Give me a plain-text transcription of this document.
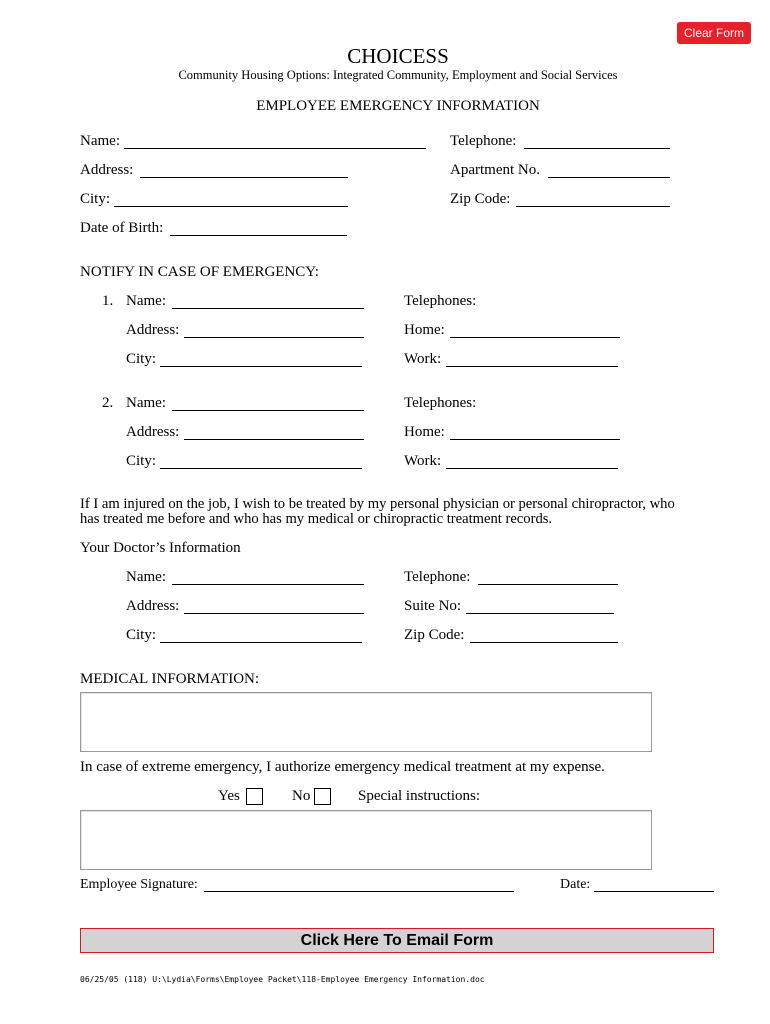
Clear Form
CHOICESS
Community Housing Options: Integrated Community, Employment and Social Services
EMPLOYEE EMERGENCY INFORMATION
Name:	Telephone:
Address:	Apartment No.
City:	Zip Code:
Date of Birth:
NOTIFY IN CASE OF EMERGENCY:
1. Name:	Telephones:
Address:	Home:
City:	Work:
2. Name:	Telephones:
Address:	Home:
City:	Work:
If I am injured on the job, I wish to be treated by my personal physician or personal chiropractor, who
has treated me before and who has my medical or chiropractic treatment records.
Your Doctor’s Information
Name:	Telephone:
Address:	Suite No:
City:	Zip Code:
MEDICAL INFORMATION:
In case of extreme emergency, I authorize emergency medical treatment at my expense.
Yes	No	Special instructions:
Employee Signature:	Date:
Click Here To Email Form
06/25/05 (118) U:\Lydia\Forms\Employee Packet\118-Employee Emergency Information.doc
